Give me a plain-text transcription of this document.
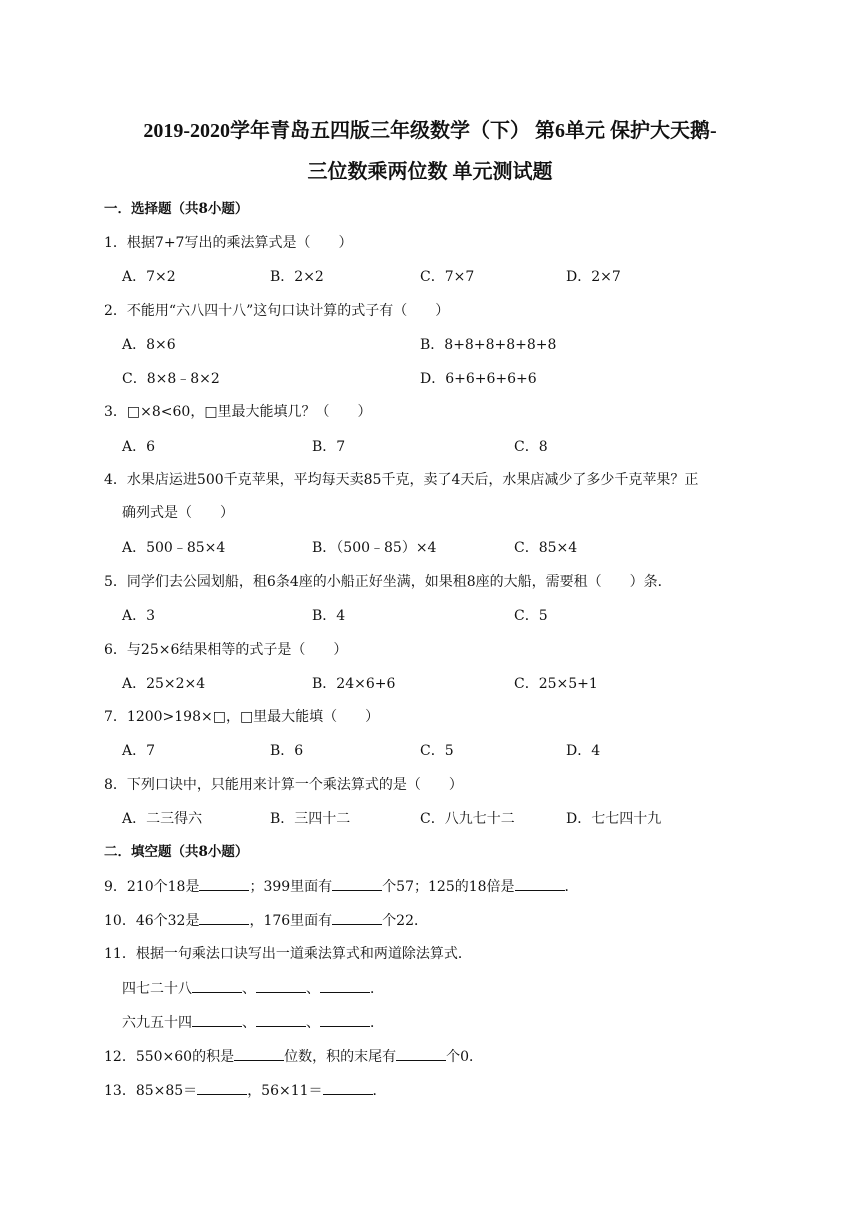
2019-2020学年青岛五四版三年级数学（下） 第6单元 保护大天鹅-
三位数乘两位数 单元测试题
一．选择题（共8小题）
1．根据7+7写出的乘法算式是（　　）
A．7×2	B．2×2	C．7×7	D．2×7
2．不能用“六八四十八”这句口诀计算的式子有（　　）
A．8×6	B．8+8+8+8+8+8
C．8×8﹣8×2	D．6+6+6+6+6
3．□×8<60，□里最大能填几？（　　）
A．6	B．7	C．8
4．水果店运进500千克苹果，平均每天卖85千克，卖了4天后，水果店减少了多少千克苹果？正
确列式是（　　）
A．500﹣85×4	B．（500﹣85）×4	C．85×4
5．同学们去公园划船，租6条4座的小船正好坐满，如果租8座的大船，需要租（　　）条．
A．3	B．4	C．5
6．与25×6结果相等的式子是（　　）
A．25×2×4	B．24×6+6	C．25×5+1
7．1200>198×□，□里最大能填（　　）
A．7	B．6	C．5	D．4
8．下列口诀中，只能用来计算一个乘法算式的是（　　）
A．二三得六	B．三四十二	C．八九七十二	D．七七四十九
二．填空题（共8小题）
9．210个18是	；399里面有	个57；125的18倍是	．
10．46个32是	，176里面有	个22．
11．根据一句乘法口诀写出一道乘法算式和两道除法算式．
四七二十八	、	、	．
六九五十四	、	、	．
12．550×60的积是	位数，积的末尾有	个0．
13．85×85＝	，56×11＝	．
